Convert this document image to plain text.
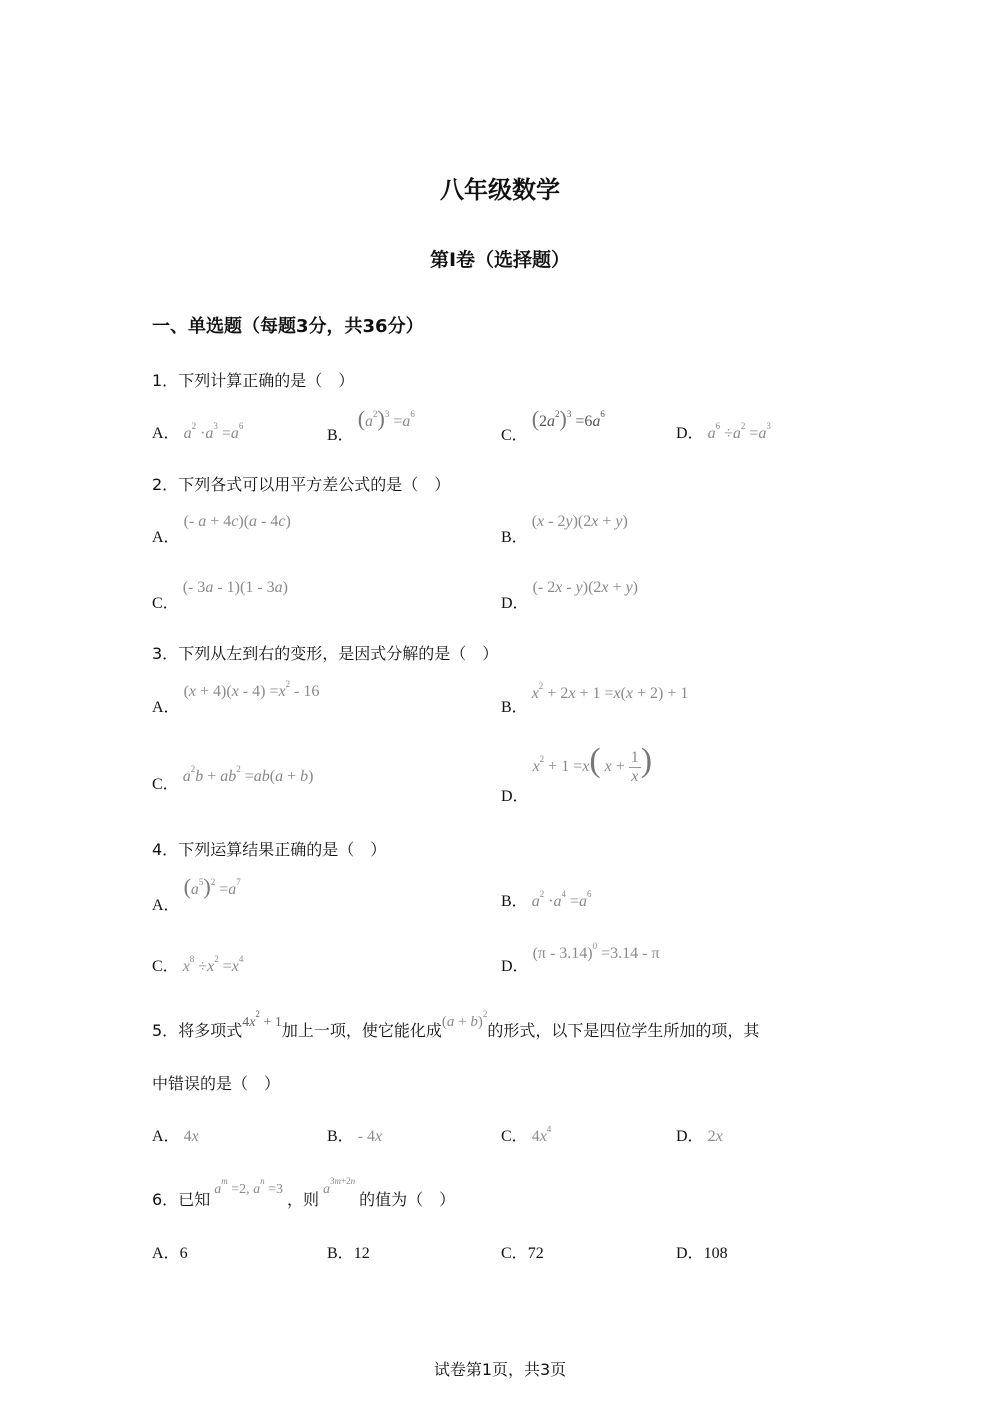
八年级数学
第Ⅰ卷（选择题）
一、单选题（每题3分，共36分）
1．下列计算正确的是（　）
A． $a^2 \cdot a^3 =a^6$
B． $(a^2)^3 =a^6$
C． $(2a^2)^3 =6a^6$
D． $a^6 \div a^2 =a^3$
2．下列各式可以用平方差公式的是（　）
A． (- a + 4c)(a - 4c)
B． (x - 2y)(2x + y)
C． (- 3a - 1)(1 - 3a)
D． (- 2x - y)(2x + y)
3．下列从左到右的变形，是因式分解的是（　）
A． $(x + 4)(x - 4) =x^2 - 16$
B． $x^2 + 2x + 1 =x(x + 2) + 1$
C． $a^2b + ab^2 =ab(a + b)$
D． $x^2 + 1 =x$( $x + \frac{1}{x}$ )
4．下列运算结果正确的是（　）
A． $(a^5)^2 =a^7$
B． $a^2 \cdot a^4 =a^6$
C． $x^8 \div x^2 =x^4$	D． (π - 3.14)$^0$ =3.14 - π
5．将多项式$4x^2 + 1$加上一项，使它能化成$(a + b)^2$的形式，以下是四位学生所加的项，其
中错误的是（　）
A． 4x	B． - 4x	C． $4x^4$	D． 2x
6．已知$a^m =2$, $a^n =3$，则$a^{3m+2n}$的值为（　）
A．6	B．12	C．72	D．108
试卷第1页，共3页
